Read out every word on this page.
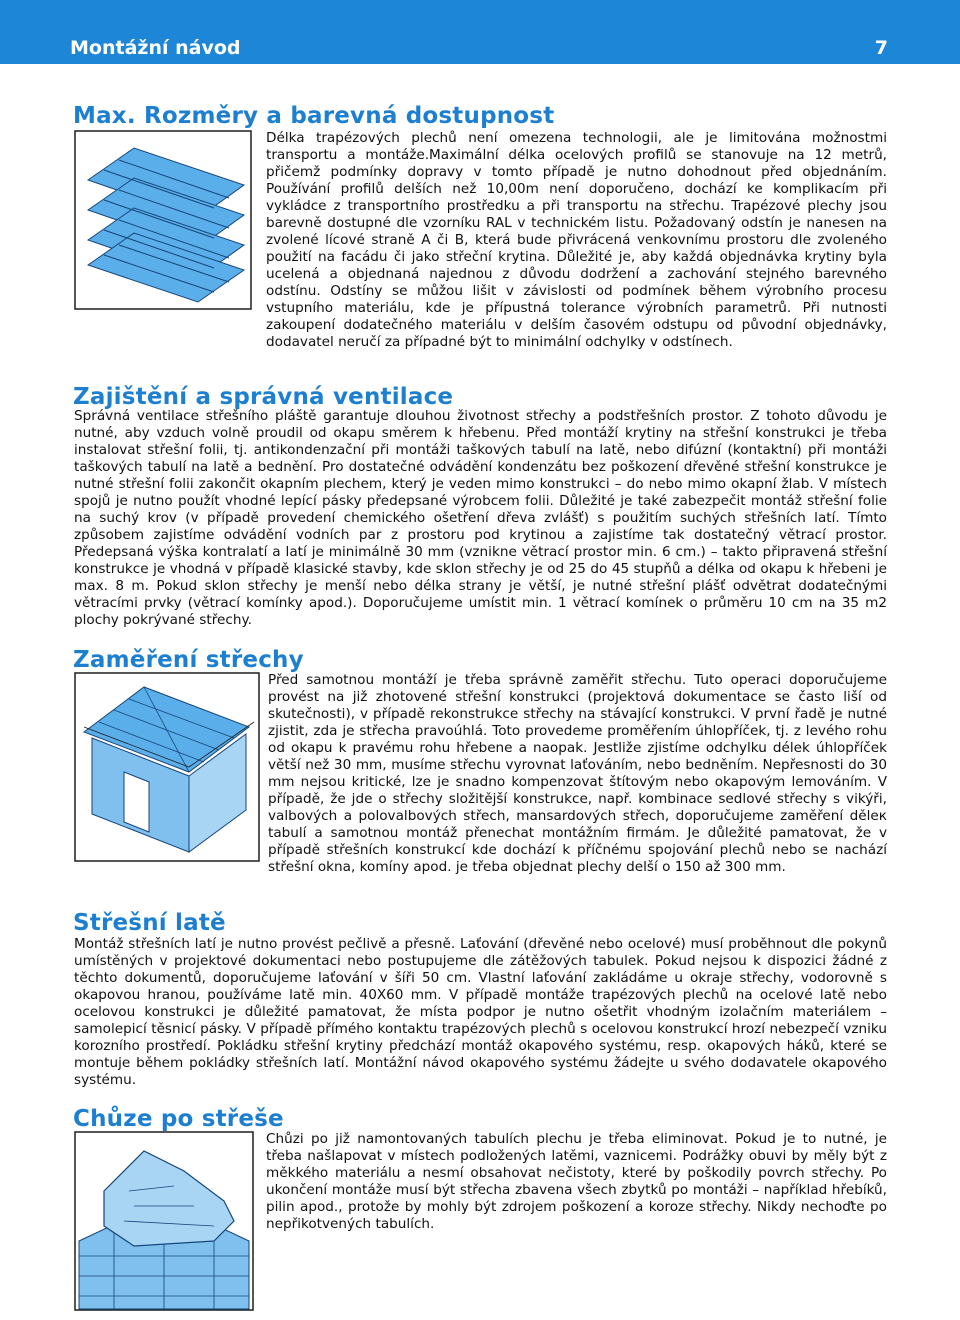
Montážní návod	7
Max. Rozměry a barevná dostupnost

Délka trapézových plechů není omezena technologii, ale je limitována možnostmi transportu a montáže.Maximální délka ocelových profilů se stanovuje na 12 metrů, přičemž podmínky dopravy v tomto případě je nutno dohodnout před objednáním. Používání profilů delších než 10,00m není doporučeno, dochází ke komplikacím při vykládce z transportního prostředku a při transportu na střechu. Trapézové plechy jsou barevně dostupné dle vzorníku RAL v technickém listu. Požadovaný odstín je nanesen na zvolené lícové straně A či B, která bude přivrácená venkovnímu prostoru dle zvoleného použití na facádu či jako střeční krytina. Důležité je, aby každá objednávka krytiny byla ucelená a objednaná najednou z důvodu dodržení a zachování stejného barevného odstínu. Odstíny se můžou lišit v závislosti od podmínek během výrobního procesu vstupního materiálu, kde je přípustná tolerance výrobních parametrů. Při nutnosti zakoupení dodatečného materiálu v delším časovém odstupu od původní objednávky, dodavatel neručí za případné být to minimální odchylky v odstínech.

Zajištění a správná ventilace

Správná ventilace střešního pláště garantuje dlouhou životnost střechy a podstřešních prostor. Z tohoto důvodu je nutné, aby vzduch volně proudil od okapu směrem k hřebenu. Před montáží krytiny na střešní konstrukci je třeba instalovat střešní folii, tj. antikondenzační při montáži taškových tabulí na latě, nebo difúzní (kontaktní) při montáži taškových tabulí na latě a bednění. Pro dostatečné odvádění kondenzátu bez poškození dřevěné střešní konstrukce je nutné střešní folii zakončit okapním plechem, který je veden mimo konstrukci – do nebo mimo okapní žlab. V místech spojů je nutno použít vhodné lepící pásky předepsané výrobcem folii. Důležité je také zabezpečit montáž střešní folie na suchý krov (v případě provedení chemického ošetření dřeva zvlášť) s použitím suchých střešních latí. Tímto způsobem zajistíme odvádění vodních par z prostoru pod krytinou a zajistíme tak dostatečný větrací prostor. Předepsaná výška kontralatí a latí je minimálně 30 mm (vznikne větrací prostor min. 6 cm.) – takto připravená střešní konstrukce je vhodná v případě klasické stavby, kde sklon střechy je od 25 do 45 stupňů a délka od okapu k hřebeni je max. 8 m. Pokud sklon střechy je menší nebo délka strany je větší, je nutné střešní plášť odvětrat dodatečnými větracími prvky (větrací komínky apod.). Doporučujeme umístit min. 1 větrací komínek o průměru 10 cm na 35 m2 plochy pokrývané střechy.

Zaměření střechy

Před samotnou montáží je třeba správně zaměřit střechu. Tuto operaci doporučujeme provést na již zhotovené střešní konstrukci (projektová dokumentace se často liší od skutečnosti), v případě rekonstrukce střechy na stávající konstrukci. V první řadě je nutné zjistit, zda je střecha pravoúhlá. Toto provedeme proměřením úhlopříček, tj. z levého rohu od okapu k pravému rohu hřebene a naopak. Jestliže zjistíme odchylku délek úhlopříček větší než 30 mm, musíme střechu vyrovnat laťováním, nebo bedněním. Nepřesnosti do 30 mm nejsou kritické, lze je snadno kompenzovat štítovým nebo okapovým lemováním. V případě, že jde o střechy složitější konstrukce, např. kombinace sedlové střechy s vikýři, valbových a polovalbových střech, mansardových střech, doporučujeme zaměření děleк tabulí a samotnou montáž přenechat montážním firmám. Je důležité pamatovat, že v případě střešních konstrukcí kde dochází k příčnému spojování plechů nebo se nachází střešní okna, komíny apod. je třeba objednat plechy delší o 150 až 300 mm.

Střešní latě

Montáž střešních latí je nutno provést pečlivě a přesně. Laťování (dřevěné nebo ocelové) musí proběhnout dle pokynů umístěných v projektové dokumentaci nebo postupujeme dle zátěžových tabulek. Pokud nejsou k dispozici žádné z těchto dokumentů, doporučujeme laťování v šíři 50 cm. Vlastní laťování zakládáme u okraje střechy, vodorovně s okapovou hranou, používáme latě min. 40X60 mm. V případě montáže trapézových plechů na ocelové latě nebo ocelovou konstrukci je důležité pamatovat, že místa podpor je nutno ošetřit vhodným izolačním materiálem – samolepicí těsnicí pásky. V případě přímého kontaktu trapézových plechů s ocelovou konstrukcí hrozí nebezpečí vzniku korozního prostředí. Pokládku střešní krytiny předchází montáž okapového systému, resp. okapových háků, které se montuje během pokládky střešních latí. Montážní návod okapového systému žádejte u svého dodavatele okapového systému.

Chůze po střeše

Chůzi po již namontovaných tabulích plechu je třeba eliminovat. Pokud je to nutné, je třeba našlapovat v místech podložených latěmi, vaznicemi. Podrážky obuvi by měly být z měkkého materiálu a nesmí obsahovat nečistoty, které by poškodily povrch střechy. Po ukončení montáže musí být střecha zbavena všech zbytků po montáži – například hřebíků, pilin apod., protože by mohly být zdrojem poškození a koroze střechy. Nikdy nechoďte po nepřikotvených tabulích.
